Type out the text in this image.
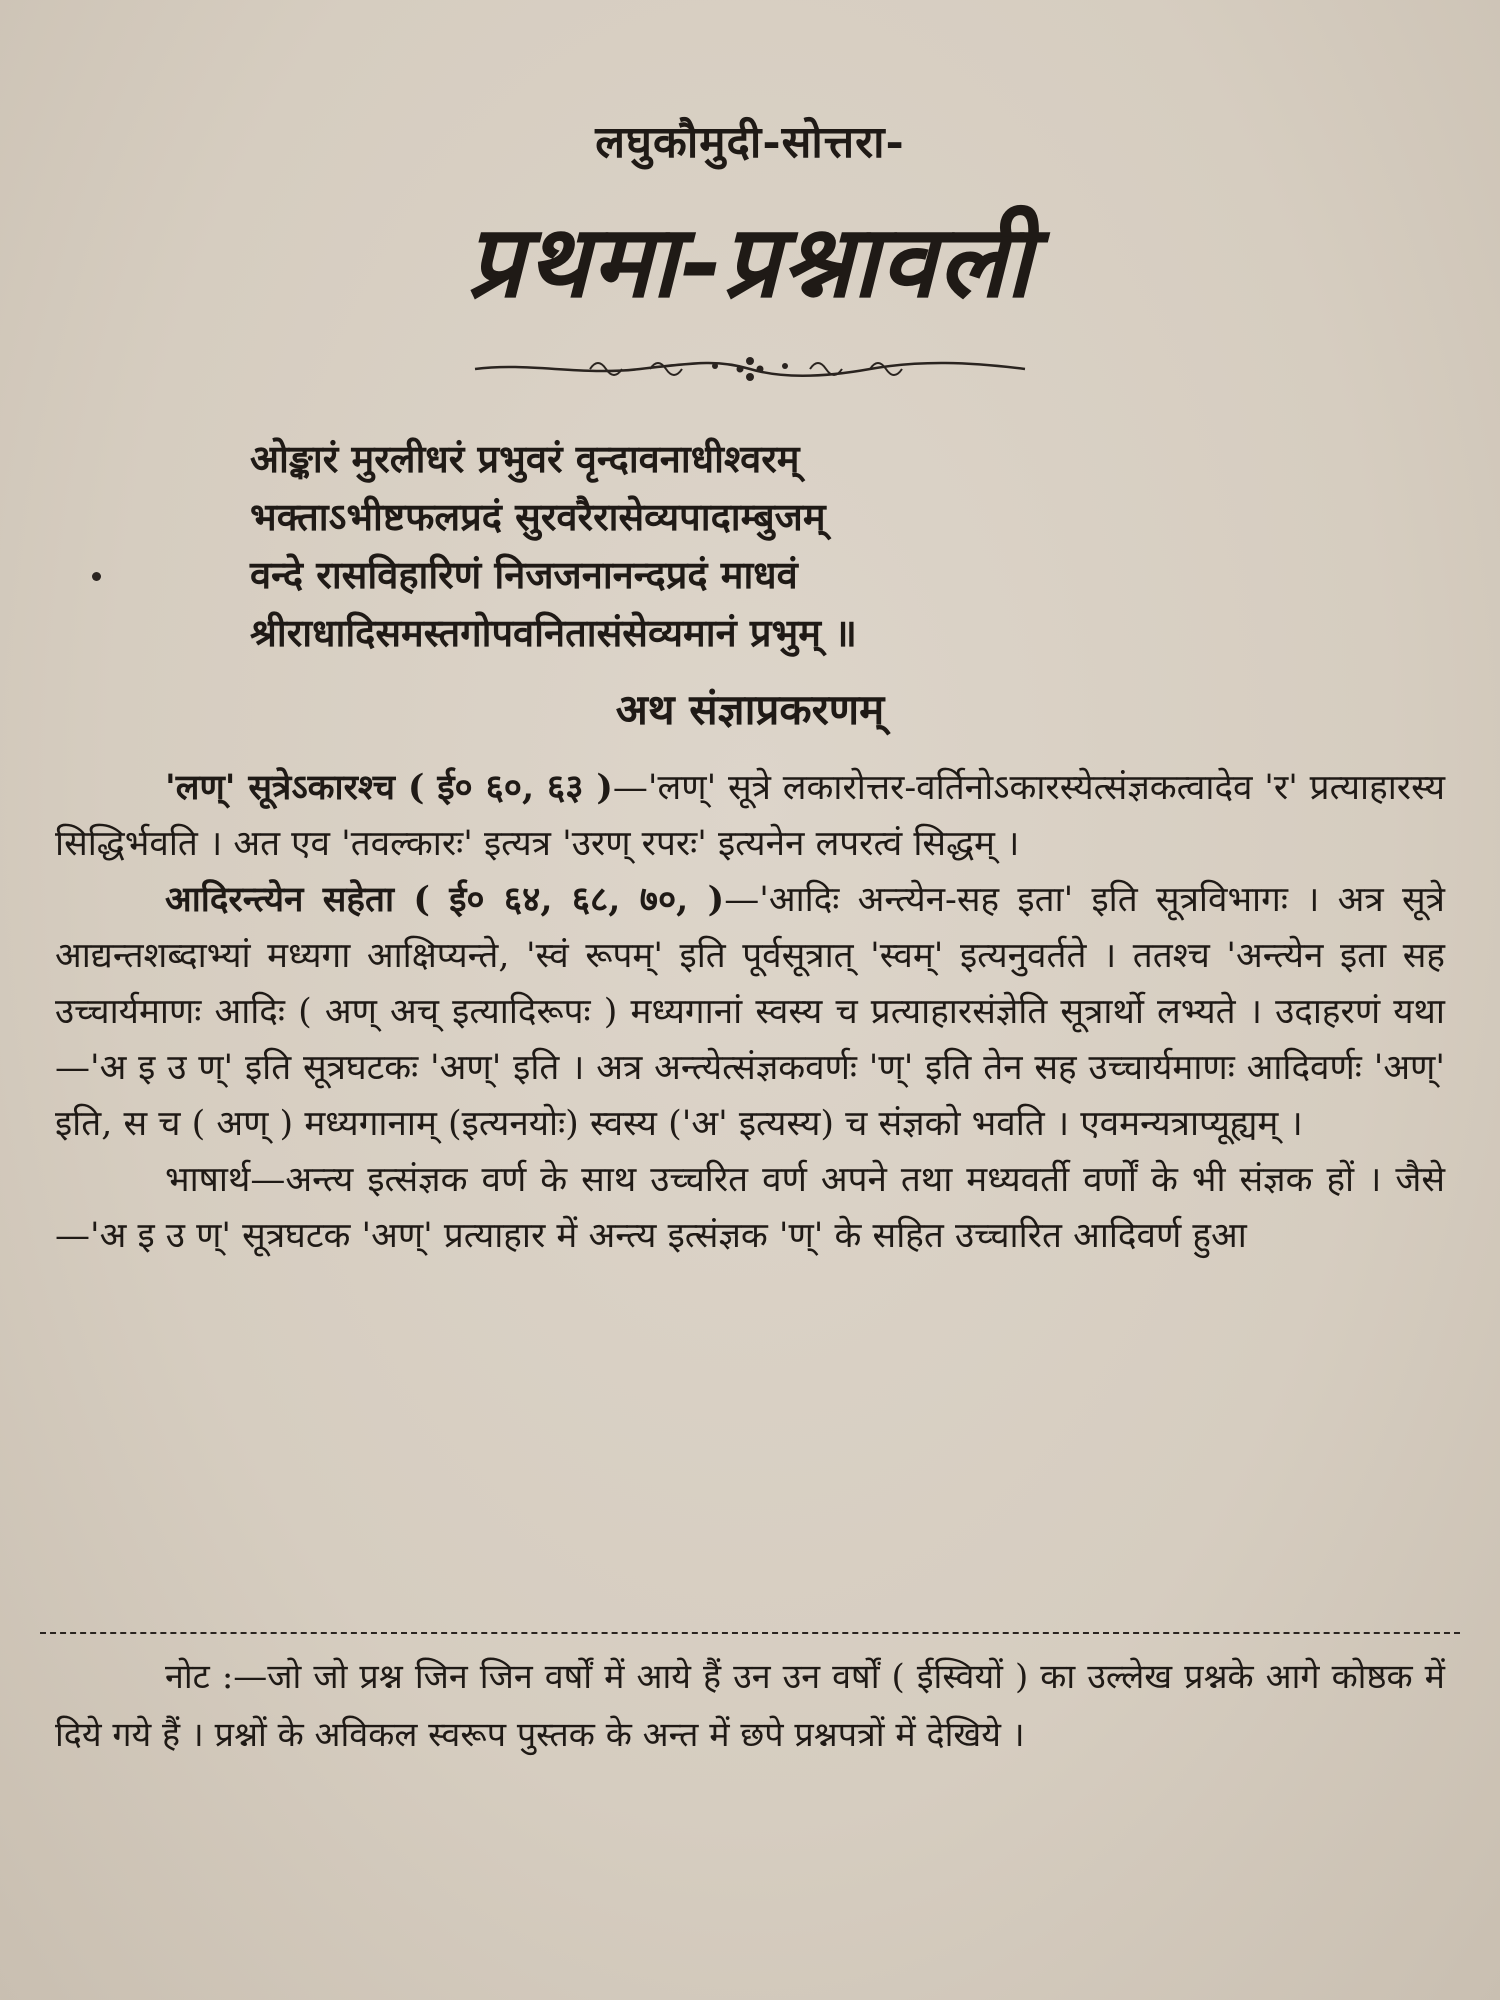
लघुकौमुदी-सोत्तरा-
प्रथमा-प्रश्नावली
ओङ्कारं मुरलीधरं प्रभुवरं वृन्दावनाधीश्वरम्
भक्ताऽभीष्टफलप्रदं सुरवरैरासेव्यपादाम्बुजम्
वन्दे रासविहारिणं निजजनानन्दप्रदं माधवं
श्रीराधादिसमस्तगोपवनितासंसेव्यमानं प्रभुम् ॥
अथ संज्ञाप्रकरणम्

'लण्' सूत्रेऽकारश्च ( ई० ६०, ६३ )—'लण्' सूत्रे लकारोत्तर-वर्तिनोऽकारस्येत्संज्ञकत्वादेव 'र' प्रत्याहारस्य सिद्धिर्भवति । अत एव 'तवल्कारः' इत्यत्र 'उरण् रपरः' इत्यनेन लपरत्वं सिद्धम् ।

आदिरन्त्येन सहेता ( ई० ६४, ६८, ७०, )—'आदिः अन्त्येन-सह इता' इति सूत्रविभागः । अत्र सूत्रे आद्यन्तशब्दाभ्यां मध्यगा आक्षिप्यन्ते, 'स्वं रूपम्' इति पूर्वसूत्रात् 'स्वम्' इत्यनुवर्तते । ततश्च 'अन्त्येन इता सह उच्चार्यमाणः आदिः ( अण् अच् इत्यादिरूपः ) मध्यगानां स्वस्य च प्रत्याहारसंज्ञेति सूत्रार्थो लभ्यते । उदाहरणं यथा—'अ इ उ ण्' इति सूत्रघटकः 'अण्' इति । अत्र अन्त्येत्संज्ञकवर्णः 'ण्' इति तेन सह उच्चार्यमाणः आदिवर्णः 'अण्' इति, स च ( अण् ) मध्यगानाम् (इत्यनयोः) स्वस्य ('अ' इत्यस्य) च संज्ञको भवति । एवमन्यत्राप्यूह्यम् ।

भाषार्थ—अन्त्य इत्संज्ञक वर्ण के साथ उच्चरित वर्ण अपने तथा मध्यवर्ती वर्णों के भी संज्ञक हों । जैसे—'अ इ उ ण्' सूत्रघटक 'अण्' प्रत्याहार में अन्त्य इत्संज्ञक 'ण्' के सहित उच्चारित आदिवर्ण हुआ

नोट :—जो जो प्रश्न जिन जिन वर्षों में आये हैं उन उन वर्षों ( ईस्वियों ) का उल्लेख प्रश्नके आगे कोष्ठक में दिये गये हैं । प्रश्नों के अविकल स्वरूप पुस्तक के अन्त में छपे प्रश्नपत्रों में देखिये ।
